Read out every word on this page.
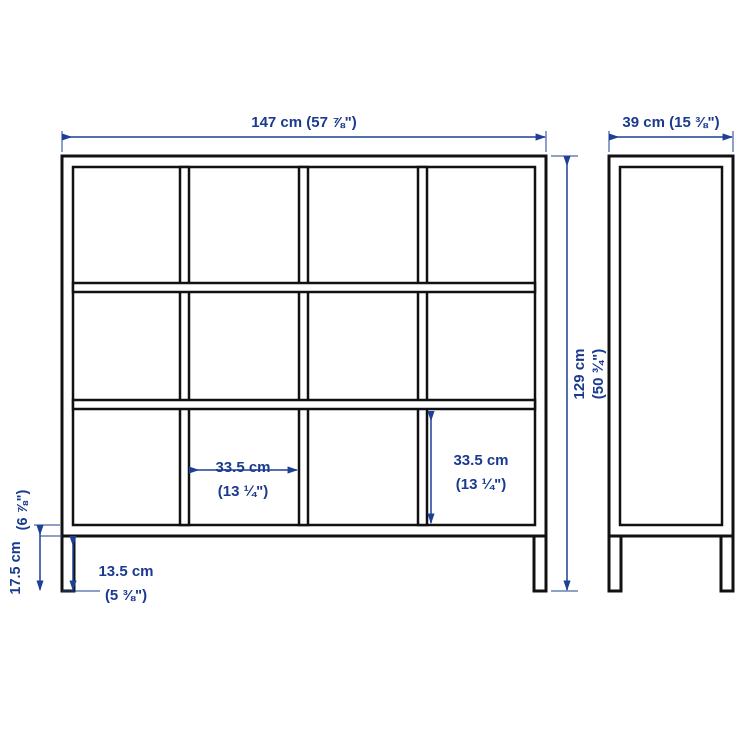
147 cm (57 ⅞")	39 cm (15 ⅜")
129 cm (50 ¾")
33.5 cm
(13 ¼")
33.5 cm
(13 ¼")
13.5 cm
(5 ⅜")
17.5 cm
(6 ⅞")
